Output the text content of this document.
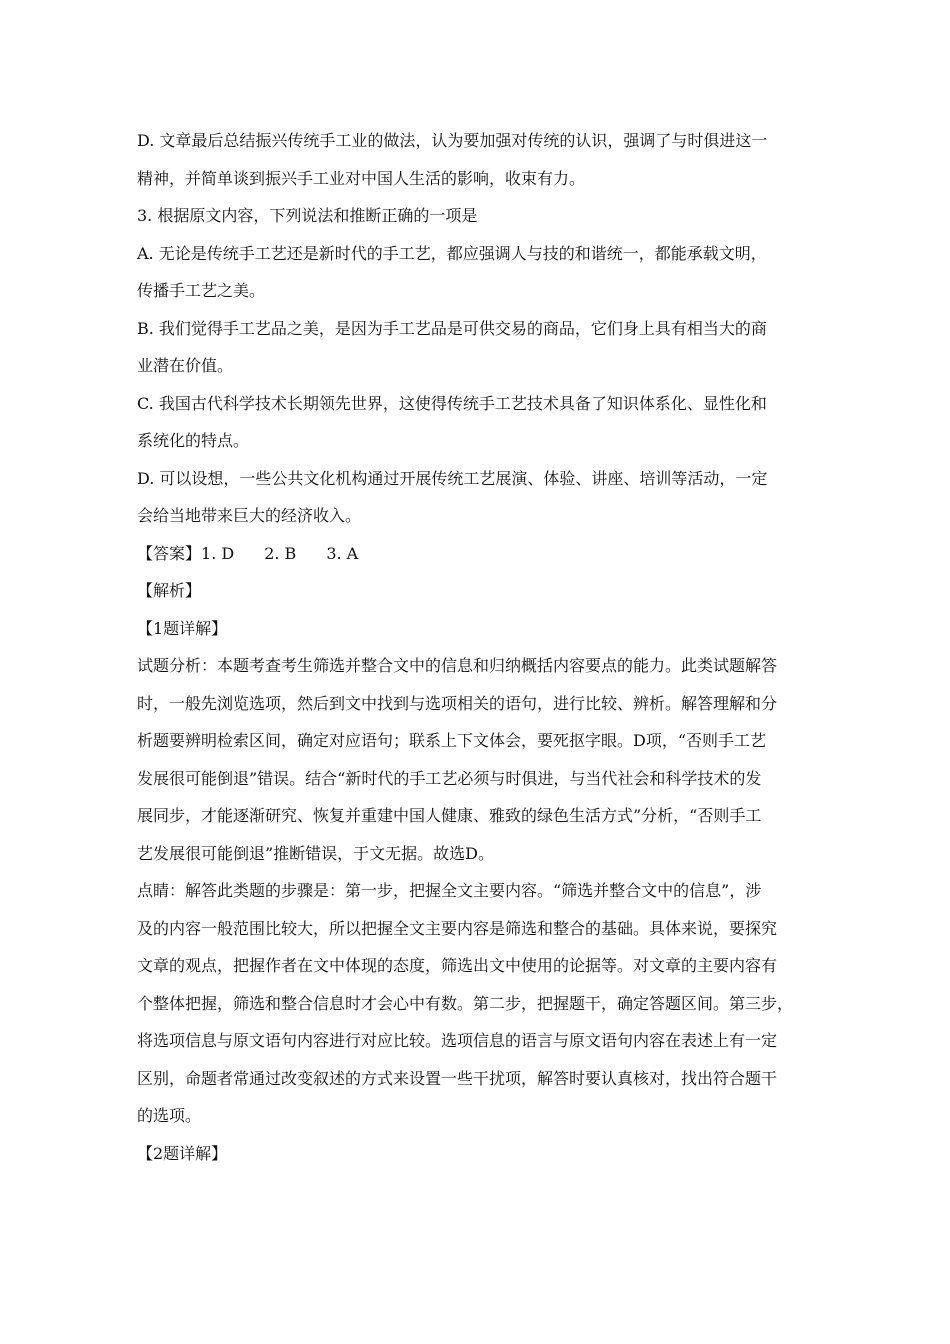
D. 文章最后总结振兴传统手工业的做法，认为要加强对传统的认识，强调了与时俱进这一
精神，并简单谈到振兴手工业对中国人生活的影响，收束有力。
3. 根据原文内容，下列说法和推断正确的一项是
A. 无论是传统手工艺还是新时代的手工艺，都应强调人与技的和谐统一，都能承载文明，
传播手工艺之美。
B. 我们觉得手工艺品之美，是因为手工艺品是可供交易的商品，它们身上具有相当大的商
业潜在价值。
C. 我国古代科学技术长期领先世界，这使得传统手工艺技术具备了知识体系化、显性化和
系统化的特点。
D. 可以设想，一些公共文化机构通过开展传统工艺展演、体验、讲座、培训等活动，一定
会给当地带来巨大的经济收入。
【答案】1. D 2. B 3. A
【解析】
【1题详解】
试题分析：本题考查考生筛选并整合文中的信息和归纳概括内容要点的能力。此类试题解答
时，一般先浏览选项，然后到文中找到与选项相关的语句，进行比较、辨析。解答理解和分
析题要辨明检索区间，确定对应语句；联系上下文体会，要死抠字眼。D项，“否则手工艺
发展很可能倒退”错误。结合“新时代的手工艺必须与时俱进，与当代社会和科学技术的发
展同步，才能逐渐研究、恢复并重建中国人健康、雅致的绿色生活方式”分析，“否则手工
艺发展很可能倒退”推断错误，于文无据。故选D。
点睛：解答此类题的步骤是：第一步，把握全文主要内容。“筛选并整合文中的信息”，涉
及的内容一般范围比较大，所以把握全文主要内容是筛选和整合的基础。具体来说，要探究
文章的观点，把握作者在文中体现的态度，筛选出文中使用的论据等。对文章的主要内容有
个整体把握，筛选和整合信息时才会心中有数。第二步，把握题干，确定答题区间。第三步，
将选项信息与原文语句内容进行对应比较。选项信息的语言与原文语句内容在表述上有一定
区别，命题者常通过改变叙述的方式来设置一些干扰项，解答时要认真核对，找出符合题干
的选项。
【2题详解】
